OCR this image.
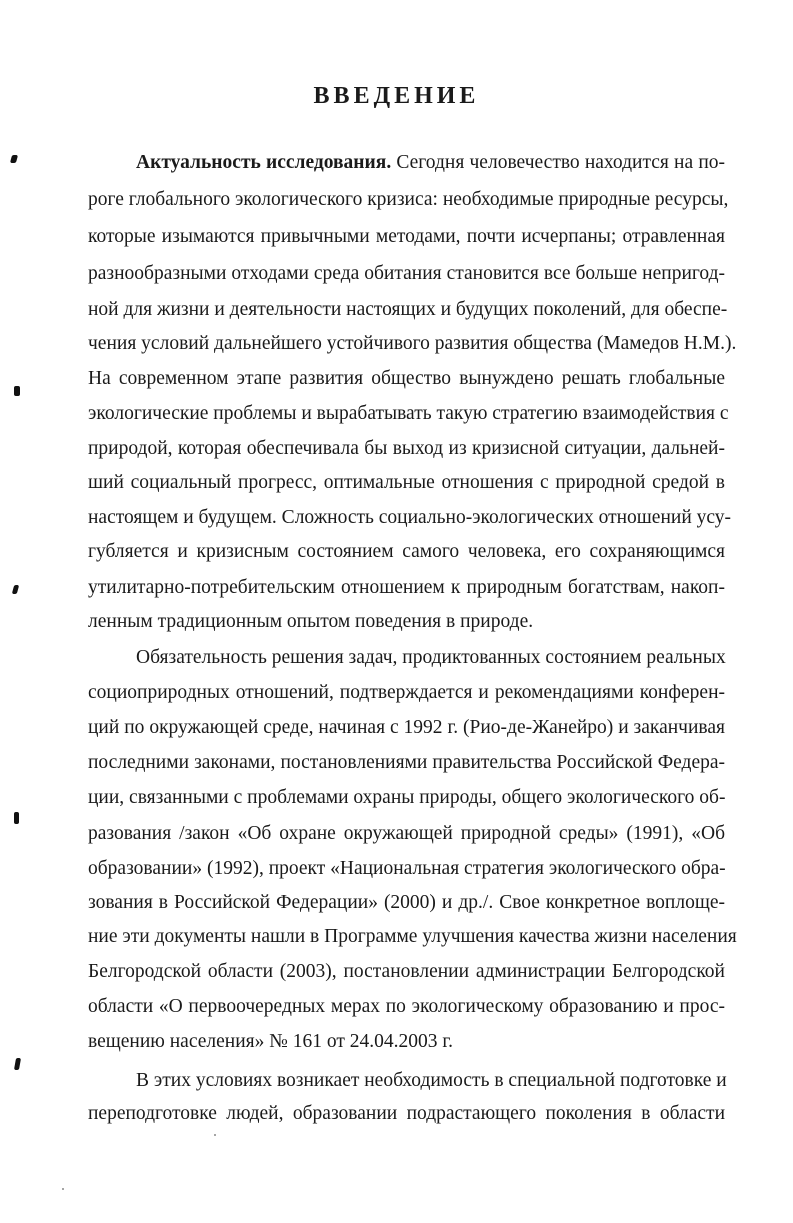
ВВЕДЕНИЕ
Актуальность исследования. Сегодня человечество находится на по-
роге глобального экологического кризиса: необходимые природные ресурсы,
которые изымаются привычными методами, почти исчерпаны; отравленная
разнообразными отходами среда обитания становится все больше непригод-
ной для жизни и деятельности настоящих и будущих поколений, для обеспе-
чения условий дальнейшего устойчивого развития общества (Мамедов Н.М.).
На современном этапе развития общество вынуждено решать глобальные
экологические проблемы и вырабатывать такую стратегию взаимодействия с
природой, которая обеспечивала бы выход из кризисной ситуации, дальней-
ший социальный прогресс, оптимальные отношения с природной средой в
настоящем и будущем. Сложность социально-экологических отношений усу-
губляется и кризисным состоянием самого человека, его сохраняющимся
утилитарно-потребительским отношением к природным богатствам, накоп-
ленным традиционным опытом поведения в природе.
Обязательность решения задач, продиктованных состоянием реальных
социоприродных отношений, подтверждается и рекомендациями конферен-
ций по окружающей среде, начиная с 1992 г. (Рио-де-Жанейро) и заканчивая
последними законами, постановлениями правительства Российской Федера-
ции, связанными с проблемами охраны природы, общего экологического об-
разования /закон «Об охране окружающей природной среды» (1991), «Об
образовании» (1992), проект «Национальная стратегия экологического обра-
зования в Российской Федерации» (2000) и др./. Свое конкретное воплоще-
ние эти документы нашли в Программе улучшения качества жизни населения
Белгородской области (2003), постановлении администрации Белгородской
области «О первоочередных мерах по экологическому образованию и прос-
вещению населения» № 161 от 24.04.2003 г.
В этих условиях возникает необходимость в специальной подготовке и
переподготовке людей, образовании подрастающего поколения в области
